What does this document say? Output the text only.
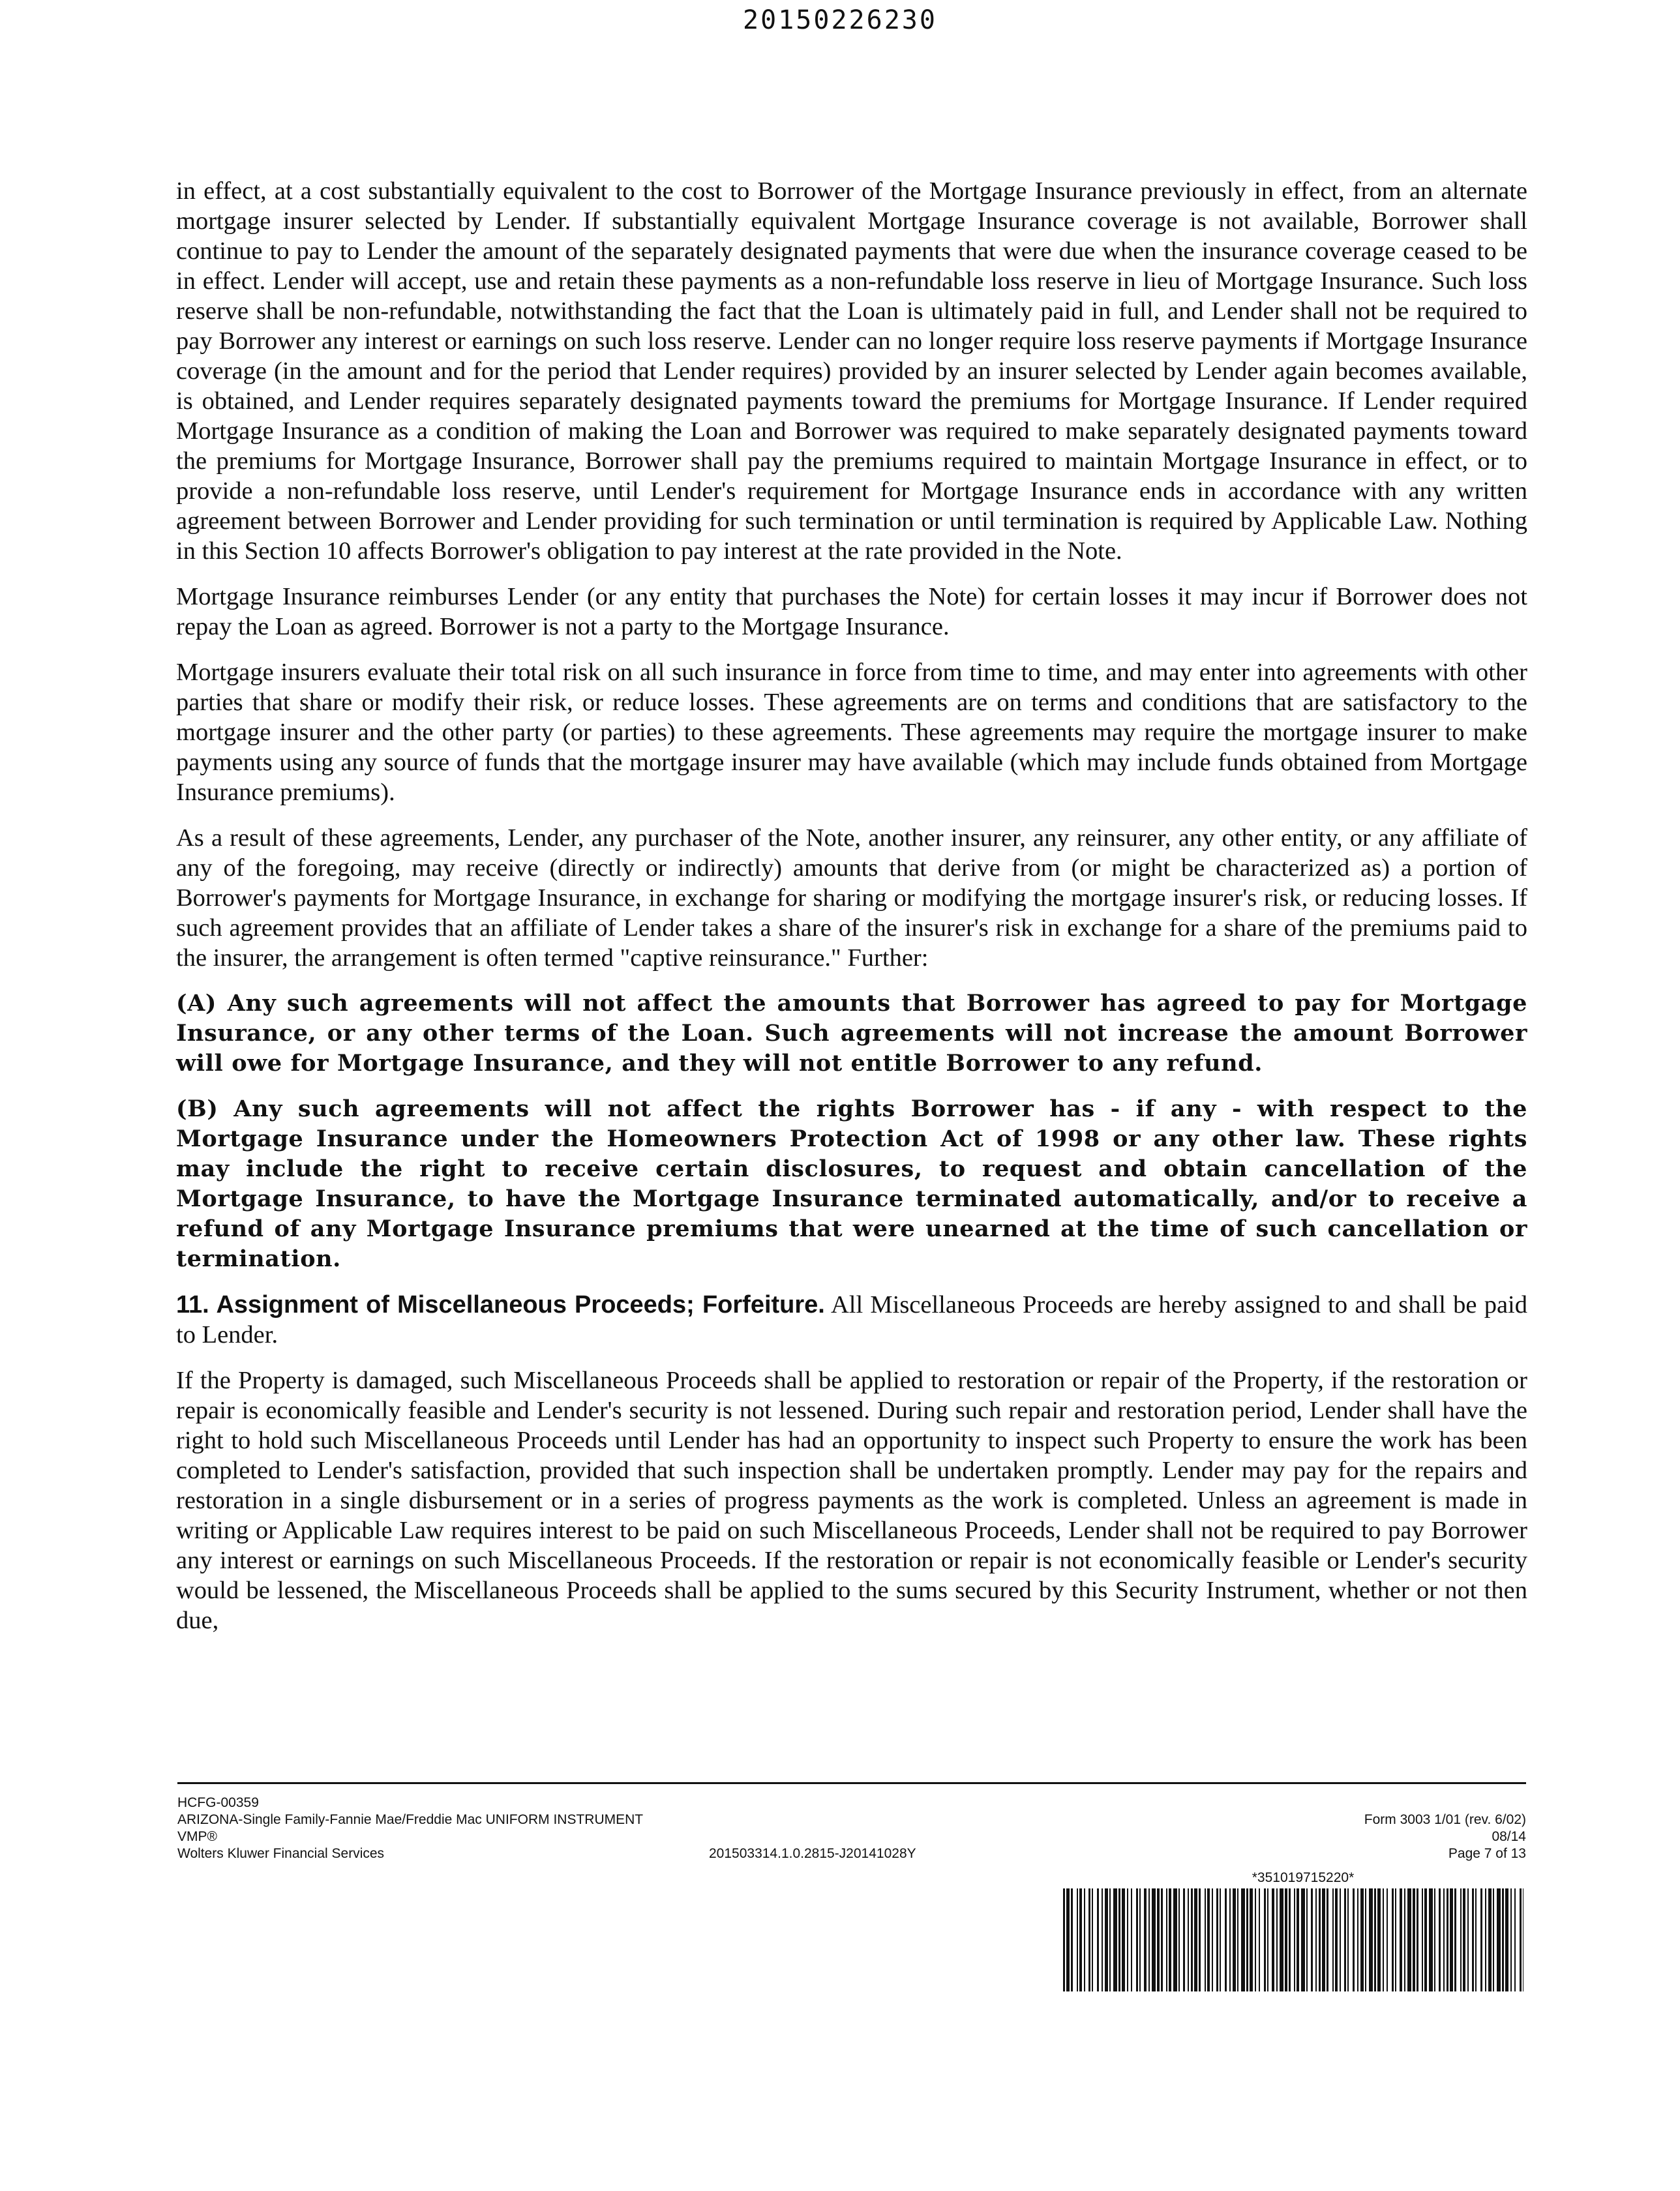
20150226230

in effect, at a cost substantially equivalent to the cost to Borrower of the Mortgage Insurance previously in effect, from an alternate mortgage insurer selected by Lender. If substantially equivalent Mortgage Insurance coverage is not available, Borrower shall continue to pay to Lender the amount of the separately designated payments that were due when the insurance coverage ceased to be in effect. Lender will accept, use and retain these payments as a non-refundable loss reserve in lieu of Mortgage Insurance. Such loss reserve shall be non-refundable, notwithstanding the fact that the Loan is ultimately paid in full, and Lender shall not be required to pay Borrower any interest or earnings on such loss reserve. Lender can no longer require loss reserve payments if Mortgage Insurance coverage (in the amount and for the period that Lender requires) provided by an insurer selected by Lender again becomes available, is obtained, and Lender requires separately designated payments toward the premiums for Mortgage Insurance. If Lender required Mortgage Insurance as a condition of making the Loan and Borrower was required to make separately designated payments toward the premiums for Mortgage Insurance, Borrower shall pay the premiums required to maintain Mortgage Insurance in effect, or to provide a non-refundable loss reserve, until Lender's requirement for Mortgage Insurance ends in accordance with any written agreement between Borrower and Lender providing for such termination or until termination is required by Applicable Law. Nothing in this Section 10 affects Borrower's obligation to pay interest at the rate provided in the Note.

Mortgage Insurance reimburses Lender (or any entity that purchases the Note) for certain losses it may incur if Borrower does not repay the Loan as agreed. Borrower is not a party to the Mortgage Insurance.

Mortgage insurers evaluate their total risk on all such insurance in force from time to time, and may enter into agreements with other parties that share or modify their risk, or reduce losses. These agreements are on terms and conditions that are satisfactory to the mortgage insurer and the other party (or parties) to these agreements. These agreements may require the mortgage insurer to make payments using any source of funds that the mortgage insurer may have available (which may include funds obtained from Mortgage Insurance premiums).

As a result of these agreements, Lender, any purchaser of the Note, another insurer, any reinsurer, any other entity, or any affiliate of any of the foregoing, may receive (directly or indirectly) amounts that derive from (or might be characterized as) a portion of Borrower's payments for Mortgage Insurance, in exchange for sharing or modifying the mortgage insurer's risk, or reducing losses. If such agreement provides that an affiliate of Lender takes a share of the insurer's risk in exchange for a share of the premiums paid to the insurer, the arrangement is often termed "captive reinsurance." Further:

(A) Any such agreements will not affect the amounts that Borrower has agreed to pay for Mortgage Insurance, or any other terms of the Loan. Such agreements will not increase the amount Borrower will owe for Mortgage Insurance, and they will not entitle Borrower to any refund.

(B) Any such agreements will not affect the rights Borrower has - if any - with respect to the Mortgage Insurance under the Homeowners Protection Act of 1998 or any other law. These rights may include the right to receive certain disclosures, to request and obtain cancellation of the Mortgage Insurance, to have the Mortgage Insurance terminated automatically, and/or to receive a refund of any Mortgage Insurance premiums that were unearned at the time of such cancellation or termination.

11. Assignment of Miscellaneous Proceeds; Forfeiture. All Miscellaneous Proceeds are hereby assigned to and shall be paid to Lender.

If the Property is damaged, such Miscellaneous Proceeds shall be applied to restoration or repair of the Property, if the restoration or repair is economically feasible and Lender's security is not lessened. During such repair and restoration period, Lender shall have the right to hold such Miscellaneous Proceeds until Lender has had an opportunity to inspect such Property to ensure the work has been completed to Lender's satisfaction, provided that such inspection shall be undertaken promptly. Lender may pay for the repairs and restoration in a single disbursement or in a series of progress payments as the work is completed. Unless an agreement is made in writing or Applicable Law requires interest to be paid on such Miscellaneous Proceeds, Lender shall not be required to pay Borrower any interest or earnings on such Miscellaneous Proceeds. If the restoration or repair is not economically feasible or Lender's security would be lessened, the Miscellaneous Proceeds shall be applied to the sums secured by this Security Instrument, whether or not then due,

HCFG-00359
ARIZONA-Single Family-Fannie Mae/Freddie Mac UNIFORM INSTRUMENT
VMP®
Wolters Kluwer Financial Services	201503314.1.0.2815-J20141028Y
Form 3003 1/01 (rev. 6/02)
08/14
Page 7 of 13
*351019715220*
